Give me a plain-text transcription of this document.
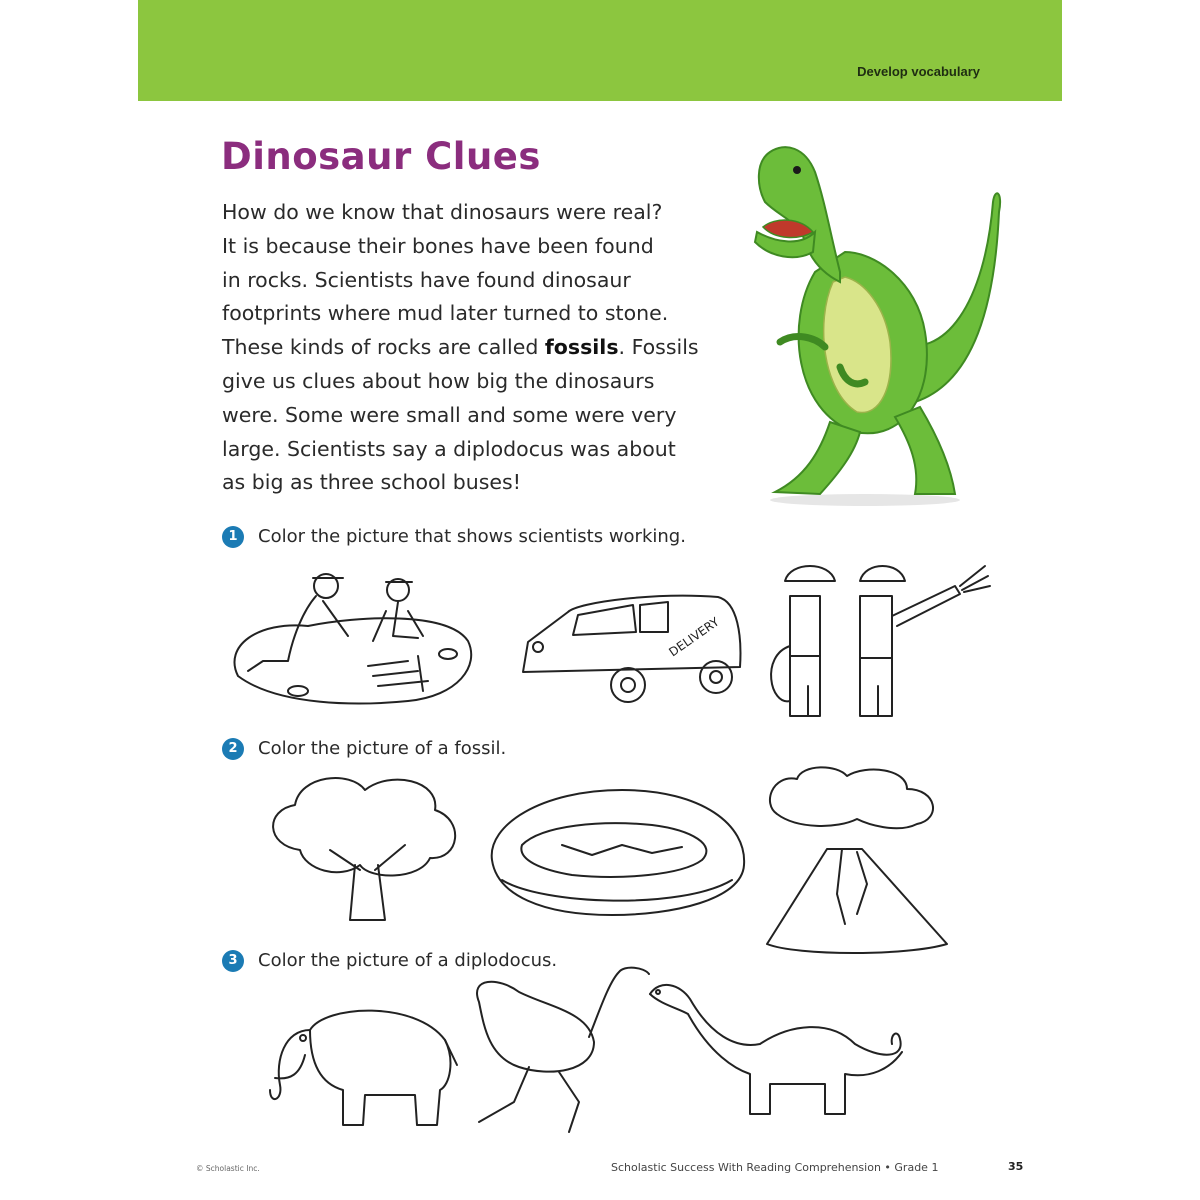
Develop vocabulary
Dinosaur Clues
How do we know that dinosaurs were real?
It is because their bones have been found
in rocks. Scientists have found dinosaur
footprints where mud later turned to stone.
These kinds of rocks are called fossils. Fossils
give us clues about how big the dinosaurs
were. Some were small and some were very
large. Scientists say a diplodocus was about
as big as three school buses!
1 Color the picture that shows scientists working.
DELIVERY
2 Color the picture of a fossil.
3 Color the picture of a diplodocus.
© Scholastic Inc.	Scholastic Success With Reading Comprehension • Grade 1	35
